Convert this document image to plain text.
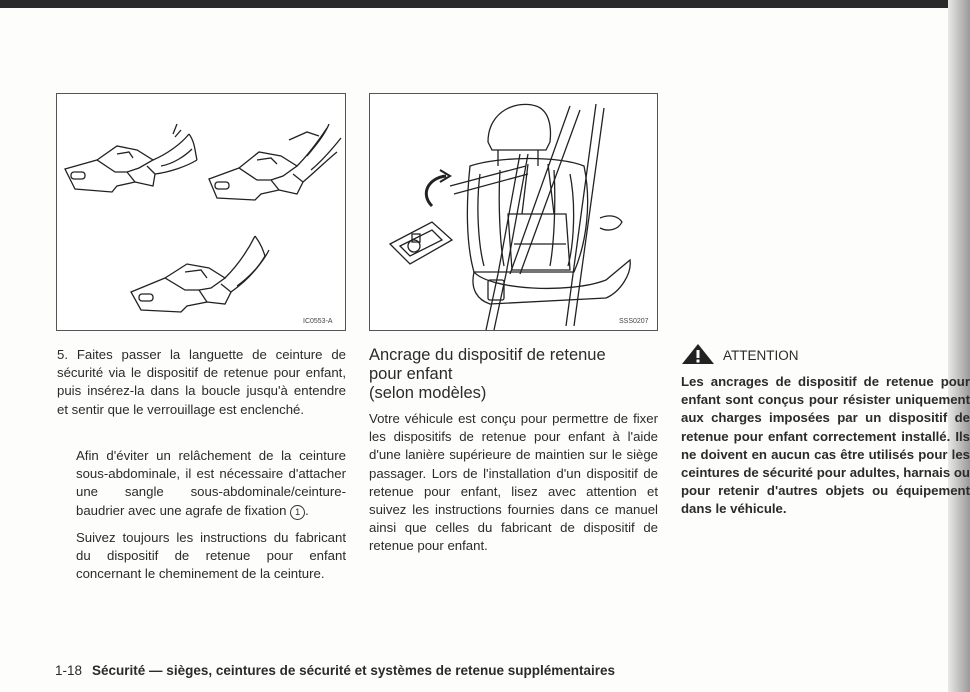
IC0553-A	SSS0207

5. Faites passer la languette de ceinture de sécurité via le dispositif de retenue pour enfant, puis insérez-la dans la boucle jusqu'à entendre et sentir que le verrouillage est enclenché.

Afin d'éviter un relâchement de la ceinture sous-abdominale, il est nécessaire d'attacher une sangle sous-abdominale/ceinture-baudrier avec une agrafe de fixation 1 .

Suivez toujours les instructions du fabricant du dispositif de retenue pour enfant concernant le cheminement de la ceinture.

Ancrage du dispositif de retenue
pour enfant
(selon modèles)

Votre véhicule est conçu pour permettre de fixer les dispositifs de retenue pour enfant à l'aide d'une lanière supérieure de maintien sur le siège passager. Lors de l'installation d'un dispositif de retenue pour enfant, lisez avec attention et suivez les instructions fournies dans ce manuel ainsi que celles du fabricant de dispositif de retenue pour enfant.

ATTENTION

Les ancrages de dispositif de retenue pour enfant sont conçus pour résister uniquement aux charges imposées par un dispositif de retenue pour enfant correctement installé. Ils ne doivent en aucun cas être utilisés pour les ceintures de sécurité pour adultes, harnais ou pour retenir d'autres objets ou équipement dans le véhicule.

1-18 Sécurité — sièges, ceintures de sécurité et systèmes de retenue supplémentaires
